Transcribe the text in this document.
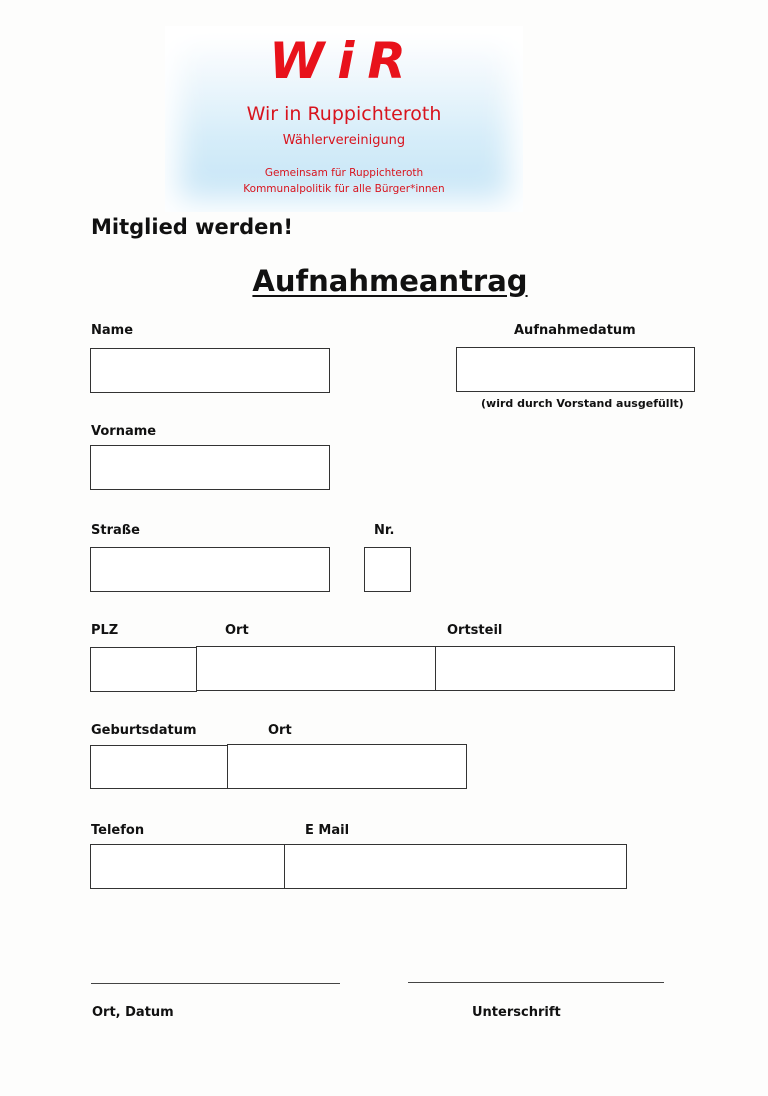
WiR
Wir in Ruppichteroth
Wählervereinigung
Gemeinsam für Ruppichteroth
Kommunalpolitik für alle Bürger*innen
Mitglied werden!
Aufnahmeantrag
Name	Aufnahmedatum
(wird durch Vorstand ausgefüllt)
Vorname
Straße	Nr.
PLZ	Ort	Ortsteil
Geburtsdatum	Ort
Telefon	E Mail
Ort, Datum	Unterschrift
